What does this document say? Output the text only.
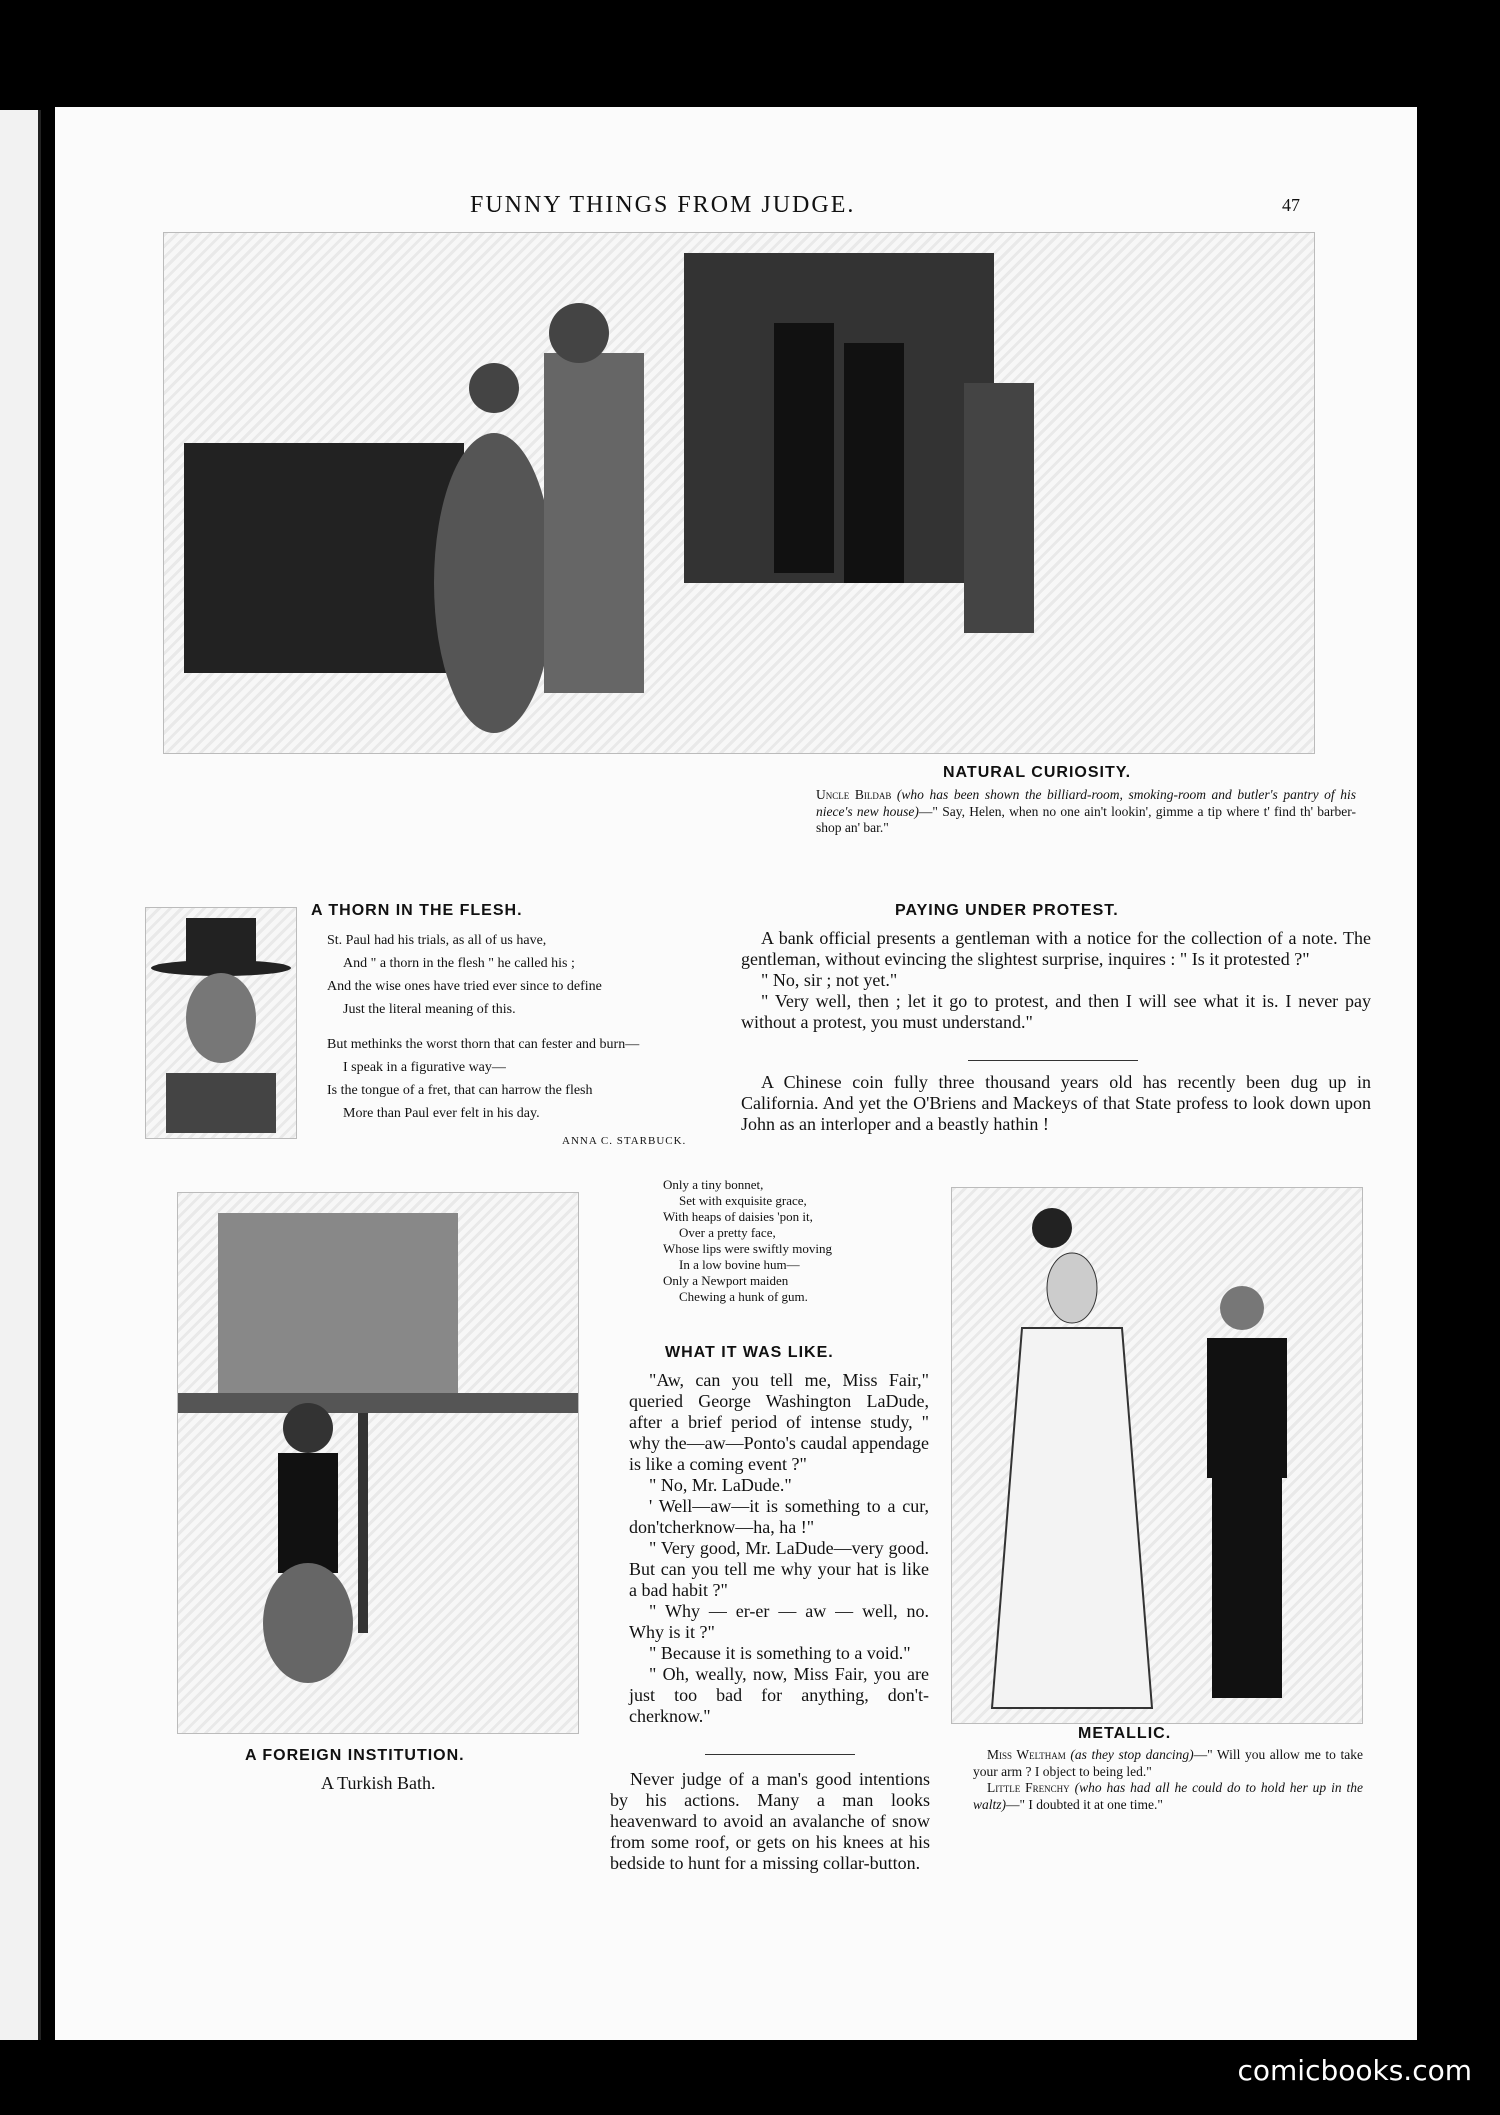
FUNNY THINGS FROM JUDGE.	47
NATURAL CURIOSITY.
Uncle Bildab (who has been shown the billiard-room, smoking-room and butler's pantry of his niece's new house)—" Say, Helen, when no one ain't lookin', gimme a tip where t' find th' barber-shop an' bar."
A THORN IN THE FLESH.

St. Paul had his trials, as all of us have,

And " a thorn in the flesh " he called his ;

And the wise ones have tried ever since to define

Just the literal meaning of this.

But methinks the worst thorn that can fester and burn—

I speak in a figurative way—

Is the tongue of a fret, that can harrow the flesh

More than Paul ever felt in his day.

ANNA C. STARBUCK.
PAYING UNDER PROTEST.
A bank official presents a gentleman with a notice for the collection of a note. The gentleman, without evincing the slightest surprise, inquires : " Is it protested ?"
" No, sir ; not yet."
" Very well, then ; let it go to protest, and then I will see what it is. I never pay without a protest, you must understand."
A Chinese coin fully three thousand years old has recently been dug up in California. And yet the O'Briens and Mackeys of that State profess to look down upon John as an interloper and a beastly hathin !
Only a tiny bonnet,
Set with exquisite grace,
With heaps of daisies 'pon it,
Over a pretty face,
Whose lips were swiftly moving
In a low bovine hum—
Only a Newport maiden
Chewing a hunk of gum.
WHAT IT WAS LIKE.
"Aw, can you tell me, Miss Fair," queried George Washington LaDude, after a brief period of intense study, " why the—aw—Ponto's caudal appendage is like a coming event ?"
" No, Mr. LaDude."
' Well—aw—it is something to a cur, don'tcherknow—ha, ha !"
" Very good, Mr. LaDude—very good. But can you tell me why your hat is like a bad habit ?"
" Why — er-er — aw — well, no. Why is it ?"
" Because it is something to a void."
" Oh, weally, now, Miss Fair, you are just too bad for anything, don't-cherknow."
Never judge of a man's good intentions by his actions. Many a man looks heavenward to avoid an avalanche of snow from some roof, or gets on his knees at his bedside to hunt for a missing collar-button.
A FOREIGN INSTITUTION.
A Turkish Bath.
METALLIC.
Miss Weltham (as they stop dancing)—" Will you allow me to take your arm ? I object to being led."
Little Frenchy (who has had all he could do to hold her up in the waltz)—" I doubted it at one time."
comicbooks.com
